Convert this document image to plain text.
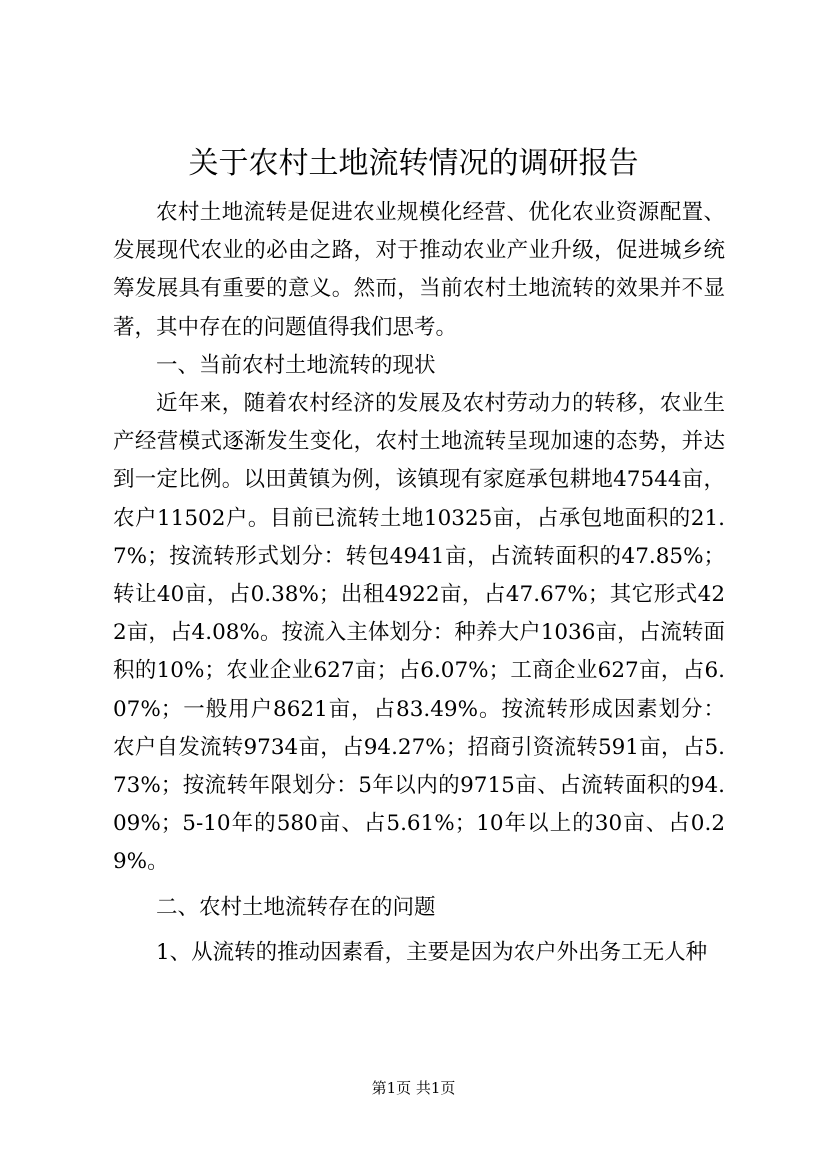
关于农村土地流转情况的调研报告

农村土地流转是促进农业规模化经营、优化农业资源配置、发展现代农业的必由之路，对于推动农业产业升级，促进城乡统筹发展具有重要的意义。然而，当前农村土地流转的效果并不显著，其中存在的问题值得我们思考。

一、当前农村土地流转的现状

近年来，随着农村经济的发展及农村劳动力的转移，农业生产经营模式逐渐发生变化，农村土地流转呈现加速的态势，并达到一定比例。以田黄镇为例，该镇现有家庭承包耕地47544亩，农户11502户。目前已流转土地10325亩，占承包地面积的21.7%；按流转形式划分：转包4941亩，占流转面积的47.85%；转让40亩，占0.38%；出租4922亩，占47.67%；其它形式422亩，占4.08%。按流入主体划分：种养大户1036亩，占流转面积的10%；农业企业627亩；占6.07%；工商企业627亩，占6.07%；一般用户8621亩，占83.49%。按流转形成因素划分：农户自发流转9734亩，占94.27%；招商引资流转591亩，占5.73%；按流转年限划分：5年以内的9715亩、占流转面积的94.09%；5-10年的580亩、占5.61%；10年以上的30亩、占0.29%。

二、农村土地流转存在的问题

1、从流转的推动因素看，主要是因为农户外出务工无人种

第1页 共1页
